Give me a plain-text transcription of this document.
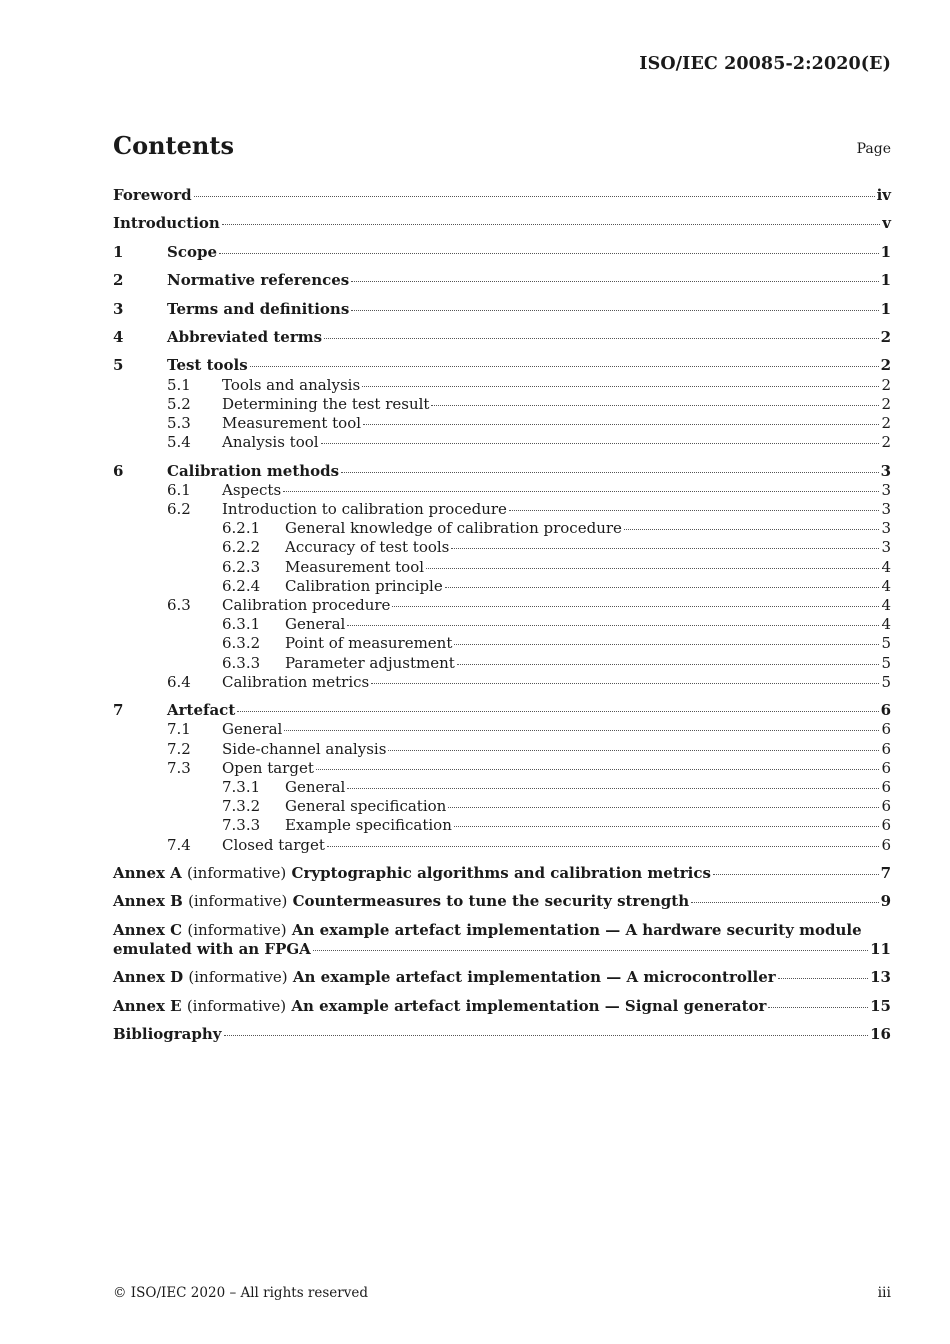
ISO/IEC 20085-2:2020(E)
Contents	Page
Foreword	iv
Introduction	v
1	Scope	1
2	Normative references	1
3	Terms and definitions	1
4	Abbreviated terms	2
5	Test tools	2
5.1	Tools and analysis	2
5.2	Determining the test result	2
5.3	Measurement tool	2
5.4	Analysis tool	2
6	Calibration methods	3
6.1	Aspects	3
6.2	Introduction to calibration procedure	3
6.2.1	General knowledge of calibration procedure	3
6.2.2	Accuracy of test tools	3
6.2.3	Measurement tool	4
6.2.4	Calibration principle	4
6.3	Calibration procedure	4
6.3.1	General	4
6.3.2	Point of measurement	5
6.3.3	Parameter adjustment	5
6.4	Calibration metrics	5
7	Artefact	6
7.1	General	6
7.2	Side-channel analysis	6
7.3	Open target	6
7.3.1	General	6
7.3.2	General specification	6
7.3.3	Example specification	6
7.4	Closed target	6
Annex A (informative) Cryptographic algorithms and calibration metrics	7
Annex B (informative) Countermeasures to tune the security strength	9
Annex C (informative) An example artefact implementation — A hardware security module
emulated with an FPGA	11
Annex D (informative) An example artefact implementation — A microcontroller	13
Annex E (informative) An example artefact implementation — Signal generator	15
Bibliography	16
© ISO/IEC 2020 – All rights reserved	iii
